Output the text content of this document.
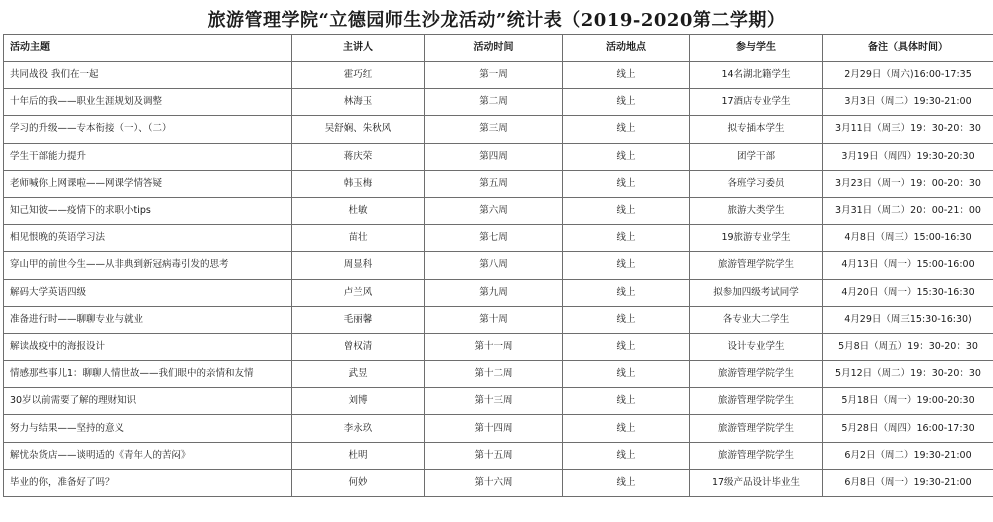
旅游管理学院“立德园师生沙龙活动”统计表（2019-2020第二学期）
活动主题	主讲人	活动时间	活动地点	参与学生	备注（具体时间）
共同战役 我们在一起	霍巧红	第一周	线上	14名湖北籍学生	2月29日（周六)16:00-17:35
十年后的我——职业生涯规划及调整	林海玉	第二周	线上	17酒店专业学生	3月3日（周二）19:30-21:00
学习的升级——专本衔接（一）、（二）	吴舒娴、朱秋风	第三周	线上	拟专插本学生	3月11日（周三）19：30-20：30
学生干部能力提升	蒋庆荣	第四周	线上	团学干部	3月19日（周四）19:30-20:30
老师喊你上网课啦——网课学情答疑	韩玉梅	第五周	线上	各班学习委员	3月23日（周一）19：00-20：30
知己知彼——疫情下的求职小tips	杜敏	第六周	线上	旅游大类学生	3月31日（周二）20：00-21：00
相见恨晚的英语学习法	苗壮	第七周	线上	19旅游专业学生	4月8日（周三）15:00-16:30
穿山甲的前世今生——从非典到新冠病毒引发的思考	周显科	第八周	线上	旅游管理学院学生	4月13日（周一）15:00-16:00
解码大学英语四级	卢兰风	第九周	线上	拟参加四级考试同学	4月20日（周一）15:30-16:30
准备进行时——聊聊专业与就业	毛丽馨	第十周	线上	各专业大二学生	4月29日（周三15:30-16:30)
解读战疫中的海报设计	曾权清	第十一周	线上	设计专业学生	5月8日（周五）19：30-20：30
情感那些事儿1：聊聊人情世故——我们眼中的亲情和友情	武昱	第十二周	线上	旅游管理学院学生	5月12日（周二）19：30-20：30
30岁以前需要了解的理财知识	刘博	第十三周	线上	旅游管理学院学生	5月18日（周一）19:00-20:30
努力与结果——坚持的意义	李永玖	第十四周	线上	旅游管理学院学生	5月28日（周四）16:00-17:30
解忧杂货店——谈明适的《青年人的苦闷》	杜明	第十五周	线上	旅游管理学院学生	6月2日（周二）19:30-21:00
毕业的你，准备好了吗？	何妙	第十六周	线上	17级产品设计毕业生	6月8日（周一）19:30-21:00
